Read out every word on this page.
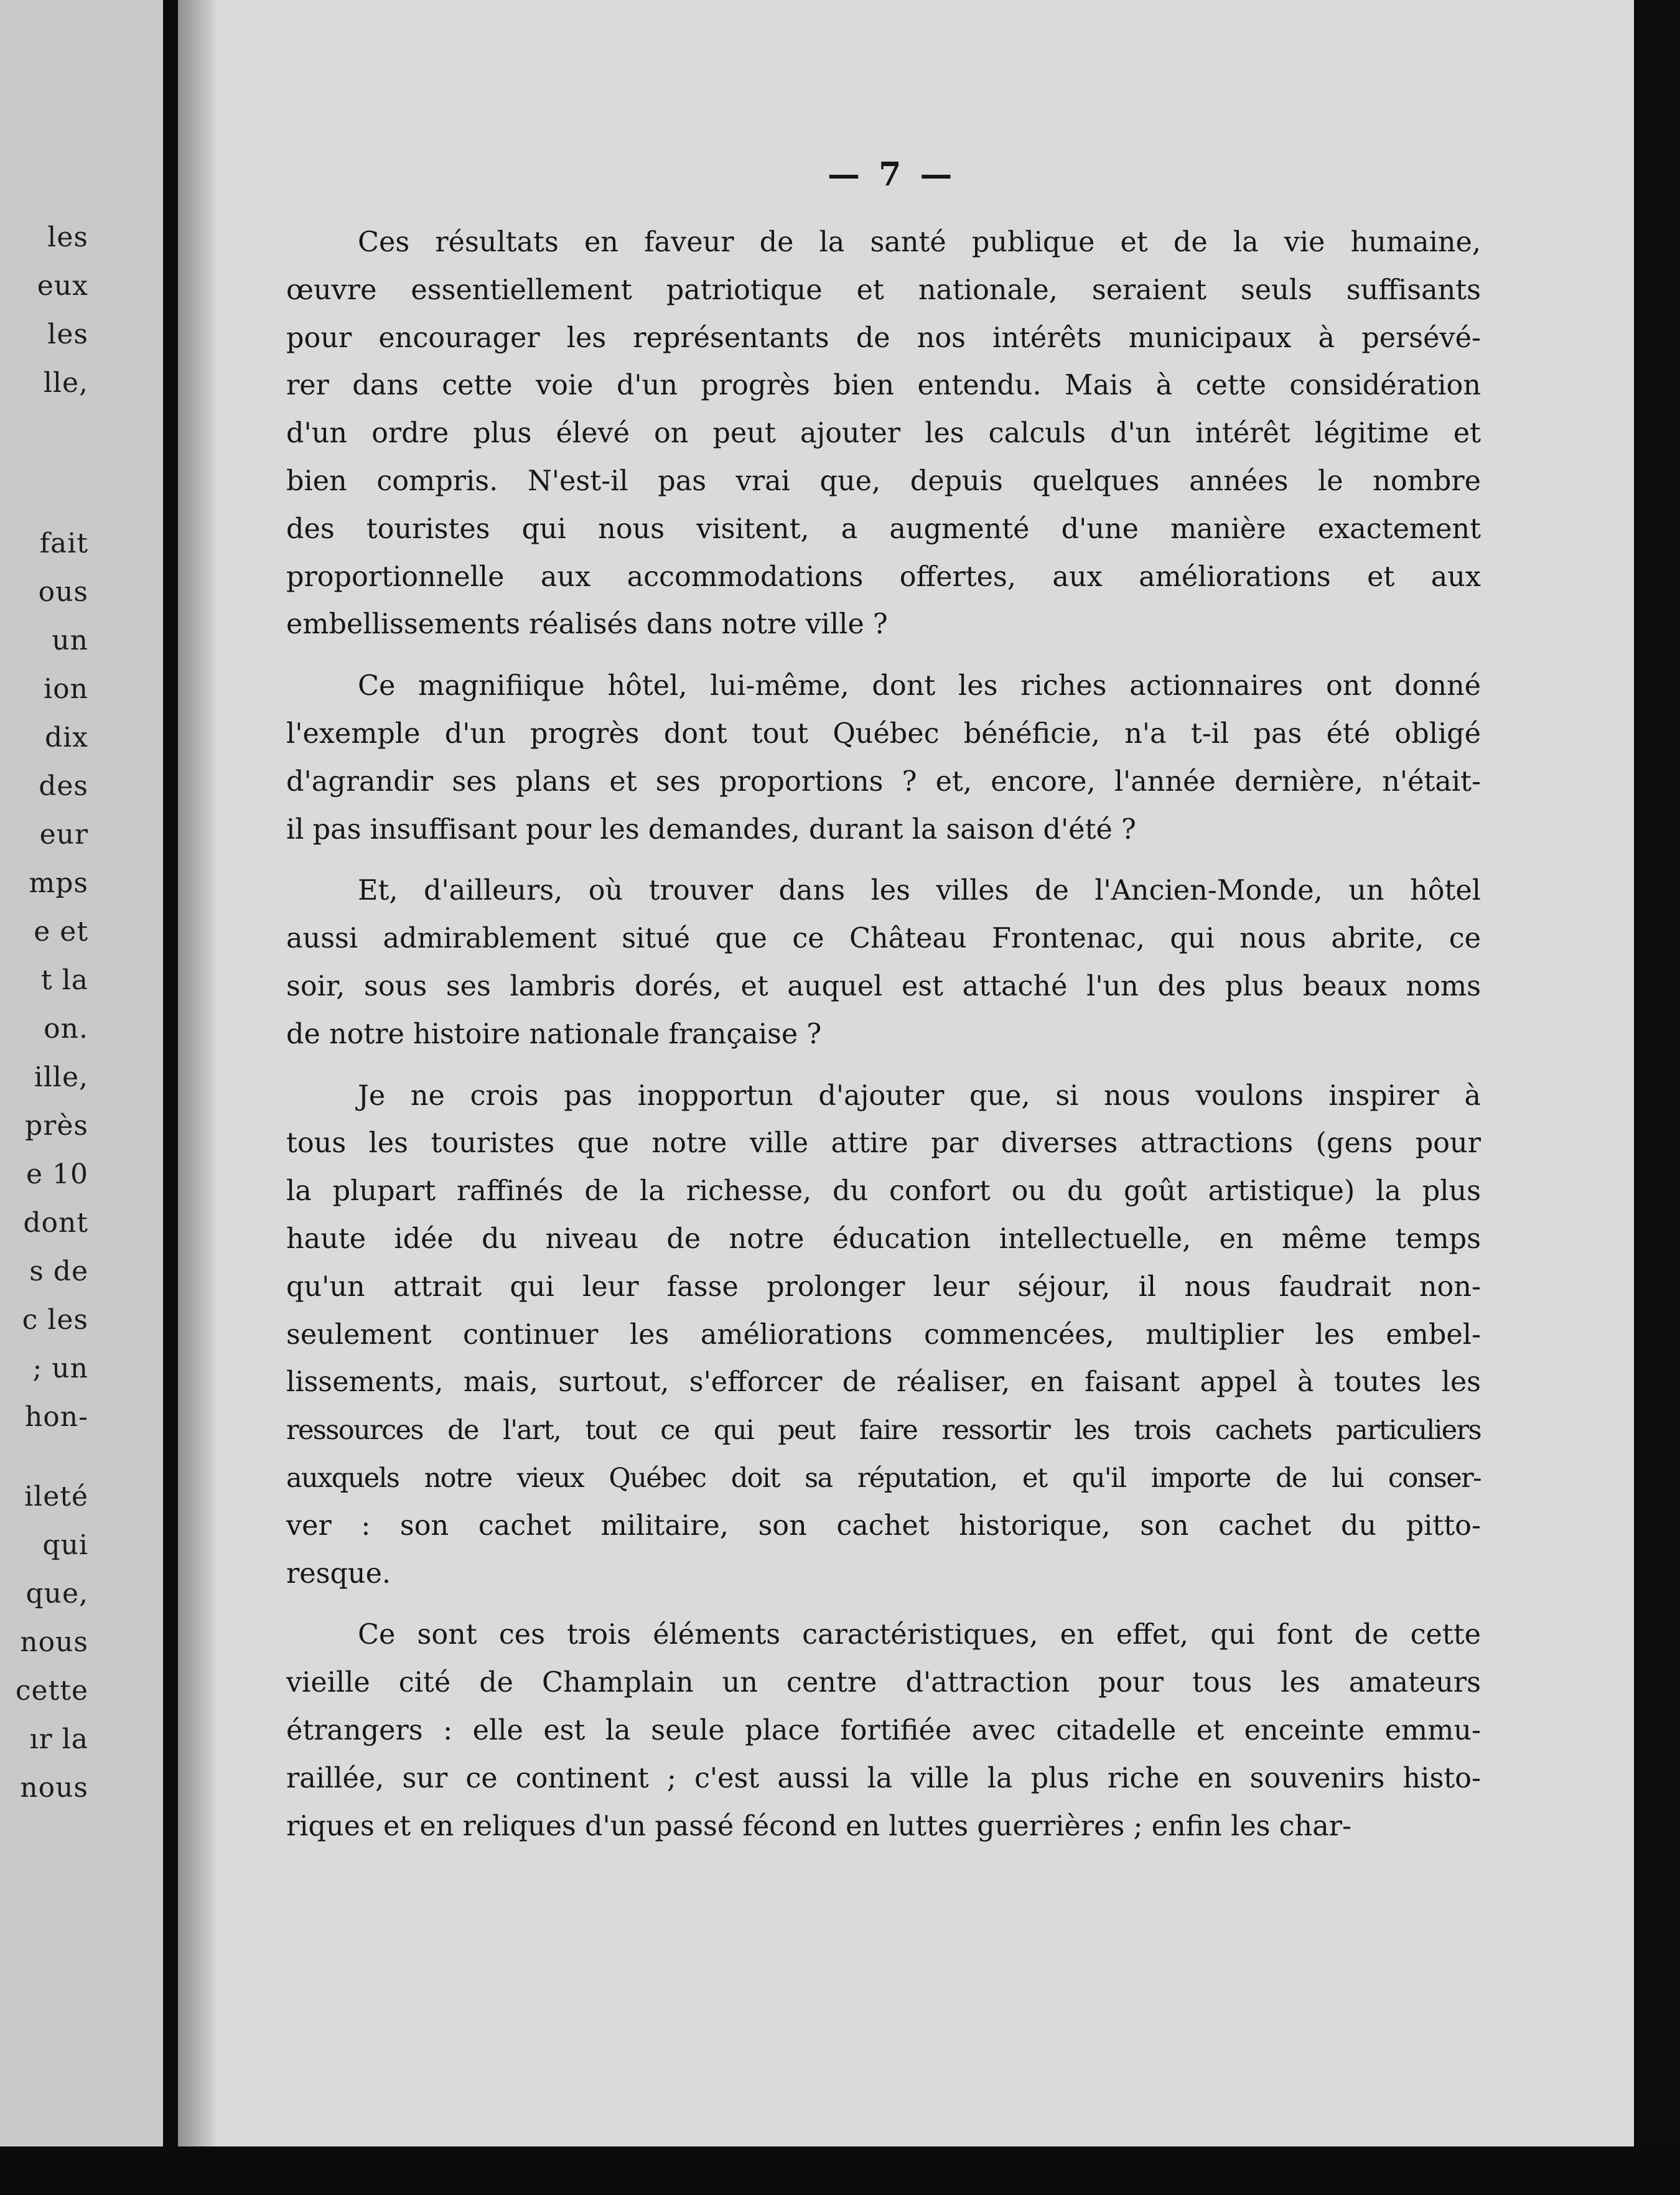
les
eux
les
lle,
fait
ous
un
ion
dix
des
eur
mps
e et
t la
on.
ille,
près
e 10
dont
s de
c les
; un
hon-
ileté
qui
que,
nous
cette
ır la
nous
— 7 —
Ces résultats en faveur de la santé publique et de la vie humaine,
œuvre essentiellement patriotique et nationale, seraient seuls suffisants
pour encourager les représentants de nos intérêts municipaux à persévé-
rer dans cette voie d'un progrès bien entendu. Mais à cette considération
d'un ordre plus élevé on peut ajouter les calculs d'un intérêt légitime et
bien compris. N'est-il pas vrai que, depuis quelques années le nombre
des touristes qui nous visitent, a augmenté d'une manière exactement
proportionnelle aux accommodations offertes, aux améliorations et aux
embellissements réalisés dans notre ville ?
Ce magnifiique hôtel, lui-même, dont les riches actionnaires ont donné
l'exemple d'un progrès dont tout Québec bénéficie, n'a t-il pas été obligé
d'agrandir ses plans et ses proportions ? et, encore, l'année dernière, n'était-
il pas insuffisant pour les demandes, durant la saison d'été ?
Et, d'ailleurs, où trouver dans les villes de l'Ancien-Monde, un hôtel
aussi admirablement situé que ce Château Frontenac, qui nous abrite, ce
soir, sous ses lambris dorés, et auquel est attaché l'un des plus beaux noms
de notre histoire nationale française ?
Je ne crois pas inopportun d'ajouter que, si nous voulons inspirer à
tous les touristes que notre ville attire par diverses attractions (gens pour
la plupart raffinés de la richesse, du confort ou du goût artistique) la plus
haute idée du niveau de notre éducation intellectuelle, en même temps
qu'un attrait qui leur fasse prolonger leur séjour, il nous faudrait non-
seulement continuer les améliorations commencées, multiplier les embel-
lissements, mais, surtout, s'efforcer de réaliser, en faisant appel à toutes les
ressources de l'art, tout ce qui peut faire ressortir les trois cachets particuliers
auxquels notre vieux Québec doit sa réputation, et qu'il importe de lui conser-
ver : son cachet militaire, son cachet historique, son cachet du pitto-
resque.
Ce sont ces trois éléments caractéristiques, en effet, qui font de cette
vieille cité de Champlain un centre d'attraction pour tous les amateurs
étrangers : elle est la seule place fortifiée avec citadelle et enceinte emmu-
raillée, sur ce continent ; c'est aussi la ville la plus riche en souvenirs histo-
riques et en reliques d'un passé fécond en luttes guerrières ; enfin les char-
